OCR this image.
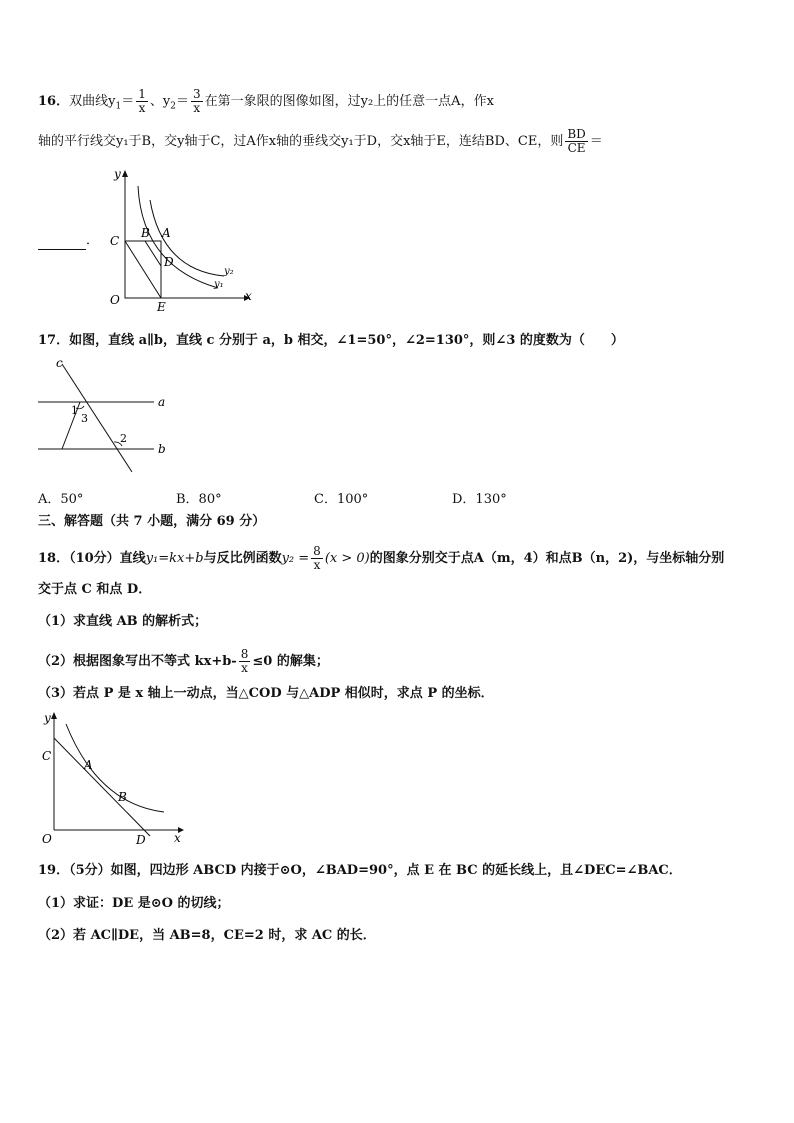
16．双曲线$y_1= \frac{1}{x}$ 、$y_2= \frac{3}{x}$ 在第一象限的图像如图，过y₂上的任意一点A，作x
轴的平行线交y₁于B，交y轴于C，过A作x轴的垂线交y₁于D，交x轴于E，连结BD、CE，则 $\frac{BD}{CE}$ ＝
．
y
x
O
C
B A
D
E
y₂
y₁
17．如图，直线 a∥b，直线 c 分别于 a，b 相交，∠1=50°，∠2=130°，则∠3 的度数为（　　）
c
a
b
1
3
2
A．50°	B．80°	C．100°	D．130°
三、解答题（共 7 小题，满分 69 分）
18．（10分）直线y₁=kx+b与反比例函数$y_2 = \frac{8}{x} (x > 0)$的图象分别交于点A（m，4）和点B（n，2)，与坐标轴分别
交于点 C 和点 D．
（1）求直线 AB 的解析式；
（2）根据图象写出不等式 $kx+b- \frac{8}{x} \le 0$ 的解集；
（3）若点 P 是 x 轴上一动点，当△COD 与△ADP 相似时，求点 P 的坐标．
y
x
O
C
A
B
D
19．（5分）如图，四边形 ABCD 内接于⊙O，∠BAD=90°，点 E 在 BC 的延长线上，且∠DEC=∠BAC．
（1）求证：DE 是⊙O 的切线；
（2）若 AC∥DE，当 AB=8，CE=2 时，求 AC 的长．
